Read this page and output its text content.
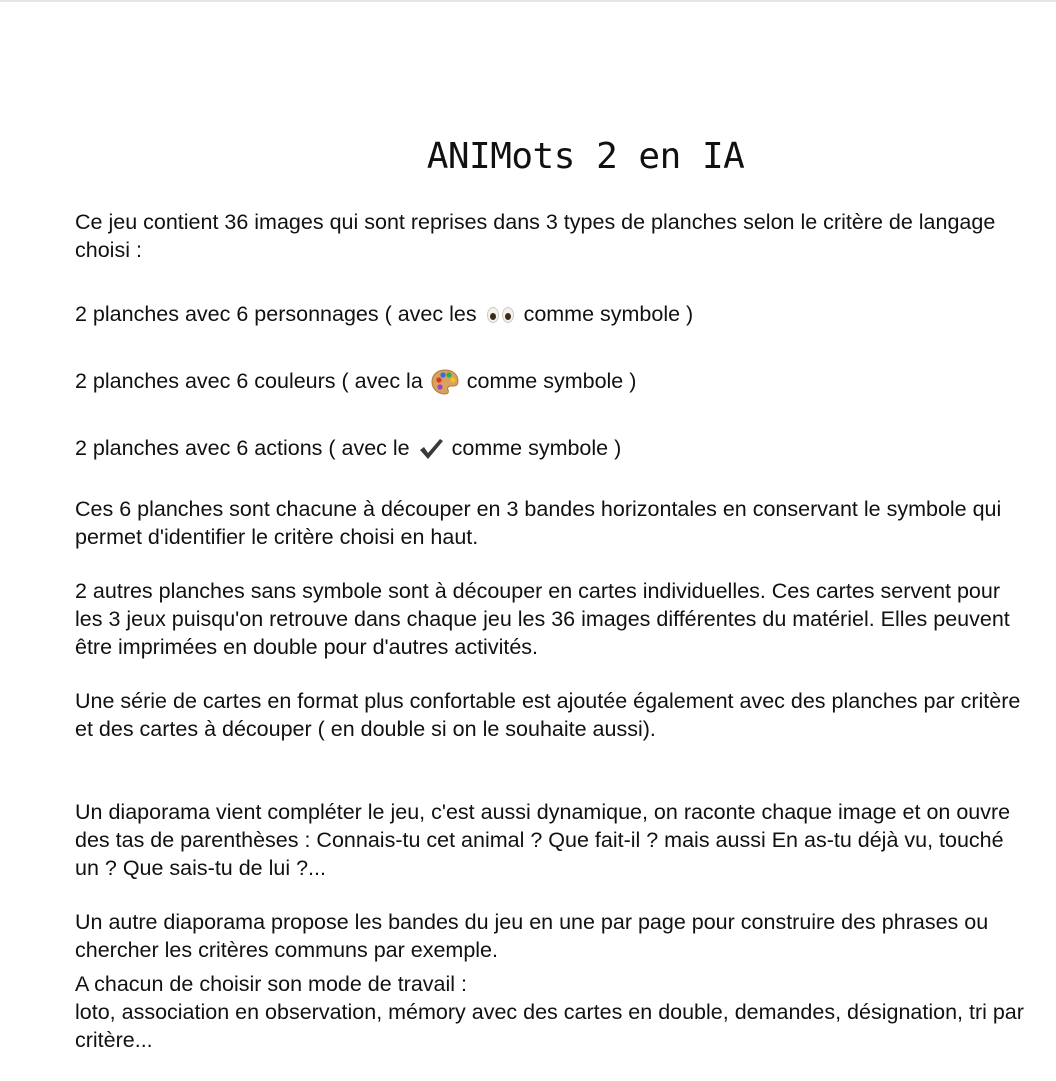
ANIMots 2 en IA

Ce jeu contient 36 images qui sont reprises dans 3 types de planches selon le critère de langage choisi :

2 planches avec 6 personnages ( avec les comme symbole )

2 planches avec 6 couleurs ( avec la comme symbole )

2 planches avec 6 actions ( avec le comme symbole )

Ces 6 planches sont chacune à découper en 3 bandes horizontales en conservant le symbole qui permet d'identifier le critère choisi en haut.

2 autres planches sans symbole sont à découper en cartes individuelles. Ces cartes servent pour les 3 jeux puisqu'on retrouve dans chaque jeu les 36 images différentes du matériel. Elles peuvent être imprimées en double pour d'autres activités.

Une série de cartes en format plus confortable est ajoutée également avec des planches par critère et des cartes à découper ( en double si on le souhaite aussi).

Un diaporama vient compléter le jeu, c'est aussi dynamique, on raconte chaque image et on ouvre des tas de parenthèses : Connais-tu cet animal ? Que fait-il ? mais aussi En as-tu déjà vu, touché un ? Que sais-tu de lui ?...

Un autre diaporama propose les bandes du jeu en une par page pour construire des phrases ou chercher les critères communs par exemple.

A chacun de choisir son mode de travail :
loto, association en observation, mémory avec des cartes en double, demandes, désignation, tri par critère...
